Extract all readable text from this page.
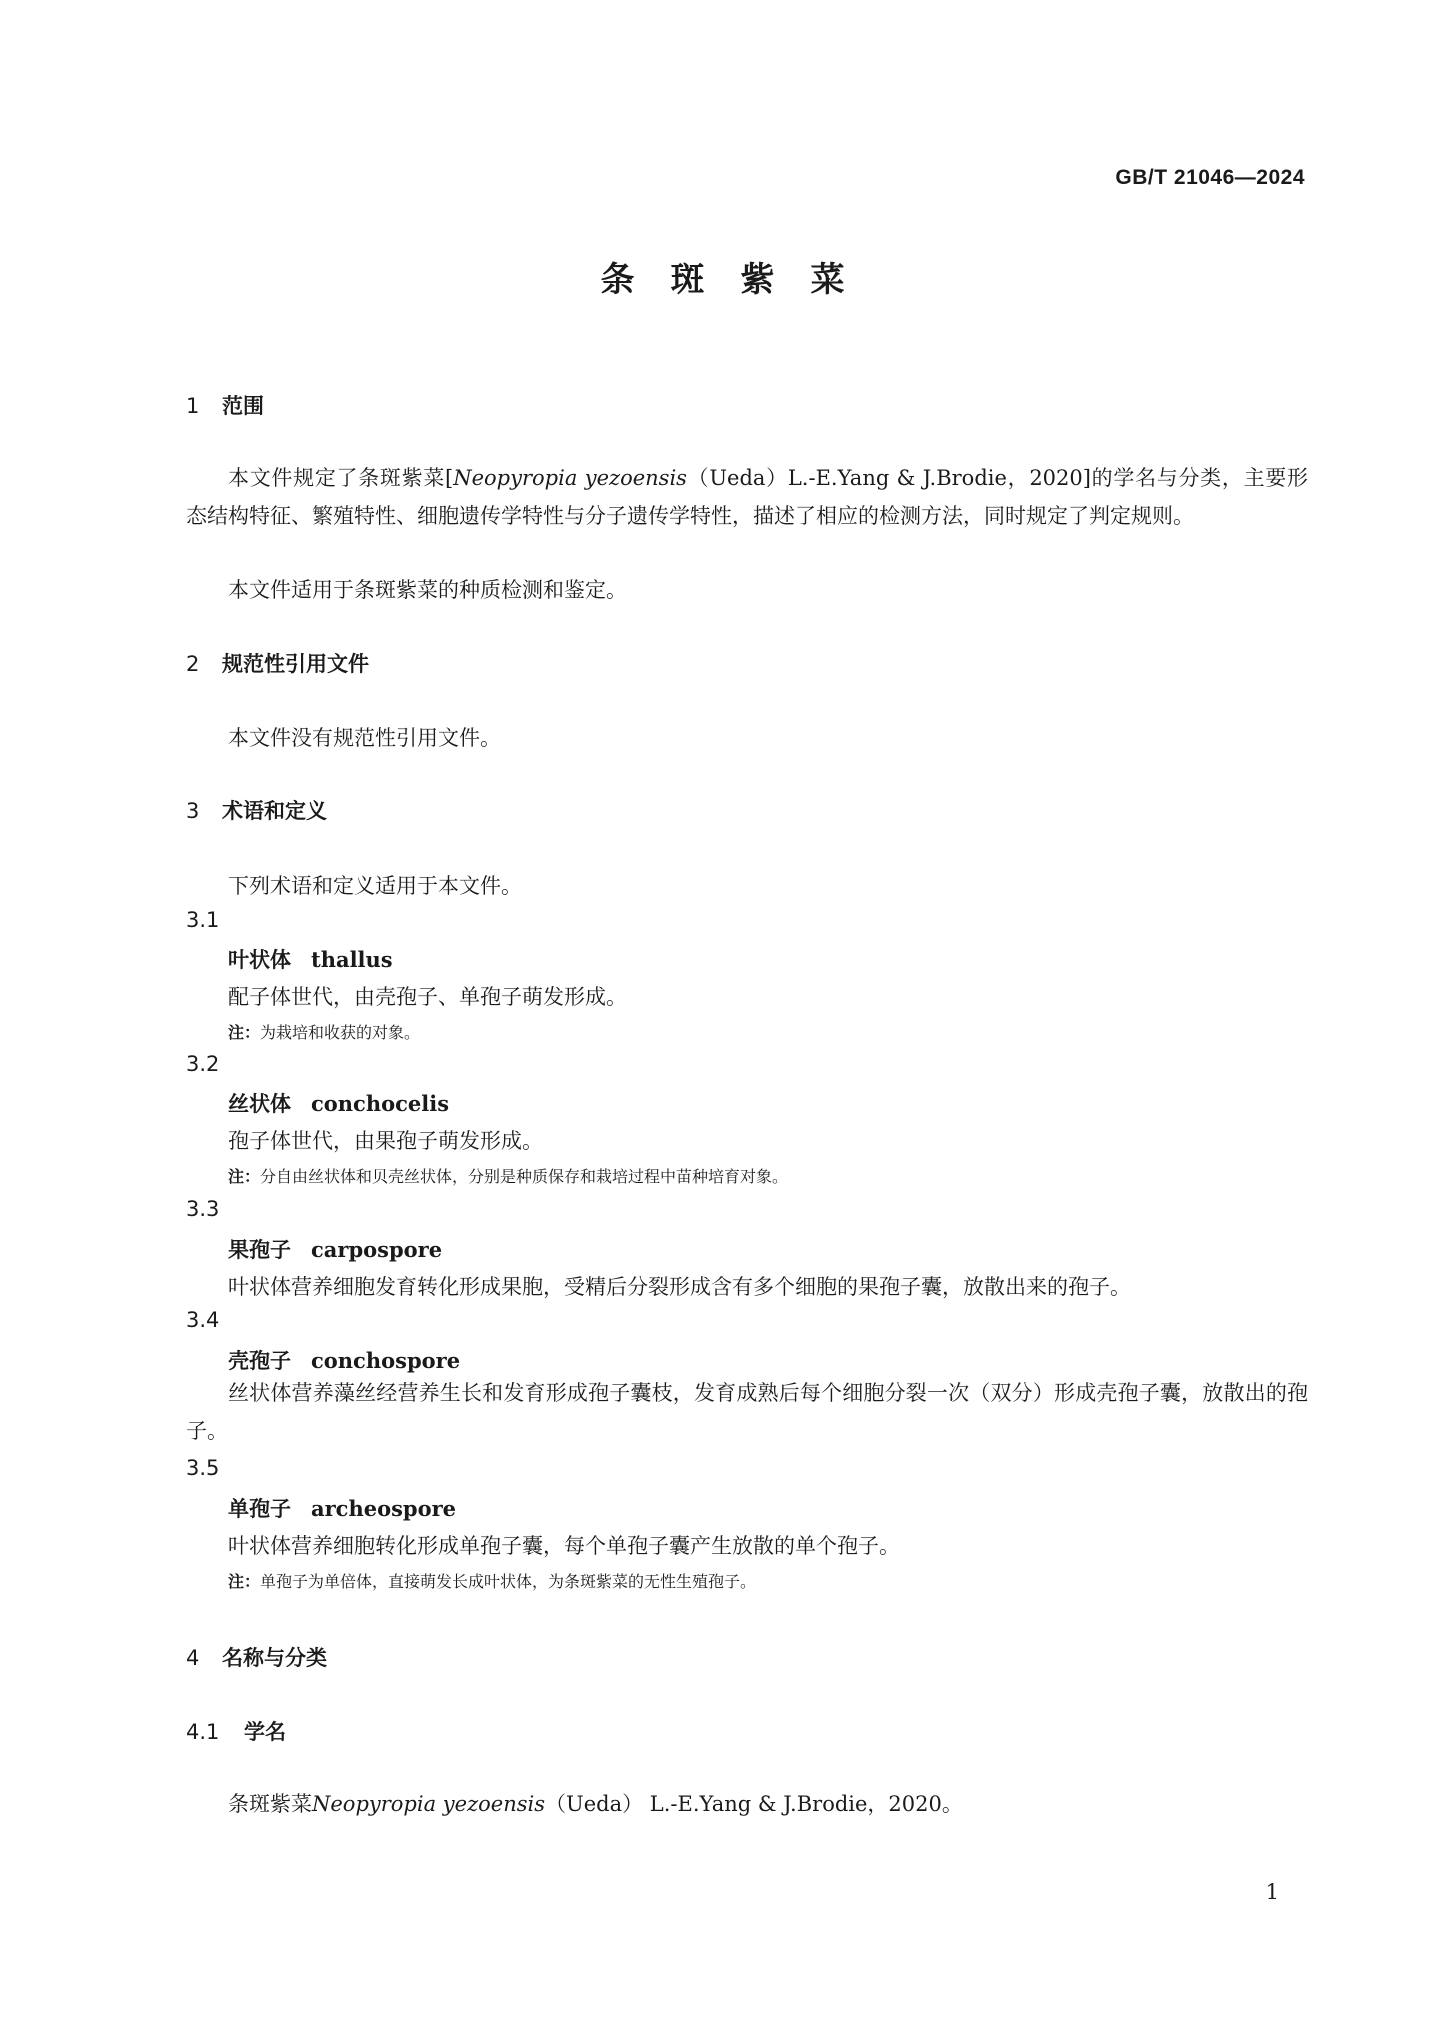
GB/T 21046—2024
条斑紫菜
1 范围
本文件规定了条斑紫菜[Neopyropia yezoensis（Ueda）L.-E.Yang & J.Brodie，2020]的学名与分类，主要形态结构特征、繁殖特性、细胞遗传学特性与分子遗传学特性，描述了相应的检测方法，同时规定了判定规则。
本文件适用于条斑紫菜的种质检测和鉴定。
2 规范性引用文件
本文件没有规范性引用文件。
3 术语和定义
下列术语和定义适用于本文件。
3.1
叶状体 thallus
配子体世代，由壳孢子、单孢子萌发形成。
注：为栽培和收获的对象。
3.2
丝状体 conchocelis
孢子体世代，由果孢子萌发形成。
注：分自由丝状体和贝壳丝状体，分别是种质保存和栽培过程中苗种培育对象。
3.3
果孢子 carpospore
叶状体营养细胞发育转化形成果胞，受精后分裂形成含有多个细胞的果孢子囊，放散出来的孢子。
3.4
壳孢子 conchospore
丝状体营养藻丝经营养生长和发育形成孢子囊枝，发育成熟后每个细胞分裂一次（双分）形成壳孢子囊，放散出的孢子。
3.5
单孢子 archeospore
叶状体营养细胞转化形成单孢子囊，每个单孢子囊产生放散的单个孢子。
注：单孢子为单倍体，直接萌发长成叶状体，为条斑紫菜的无性生殖孢子。
4 名称与分类
4.1 学名
条斑紫菜Neopyropia yezoensis（Ueda） L.-E.Yang & J.Brodie，2020。
1
